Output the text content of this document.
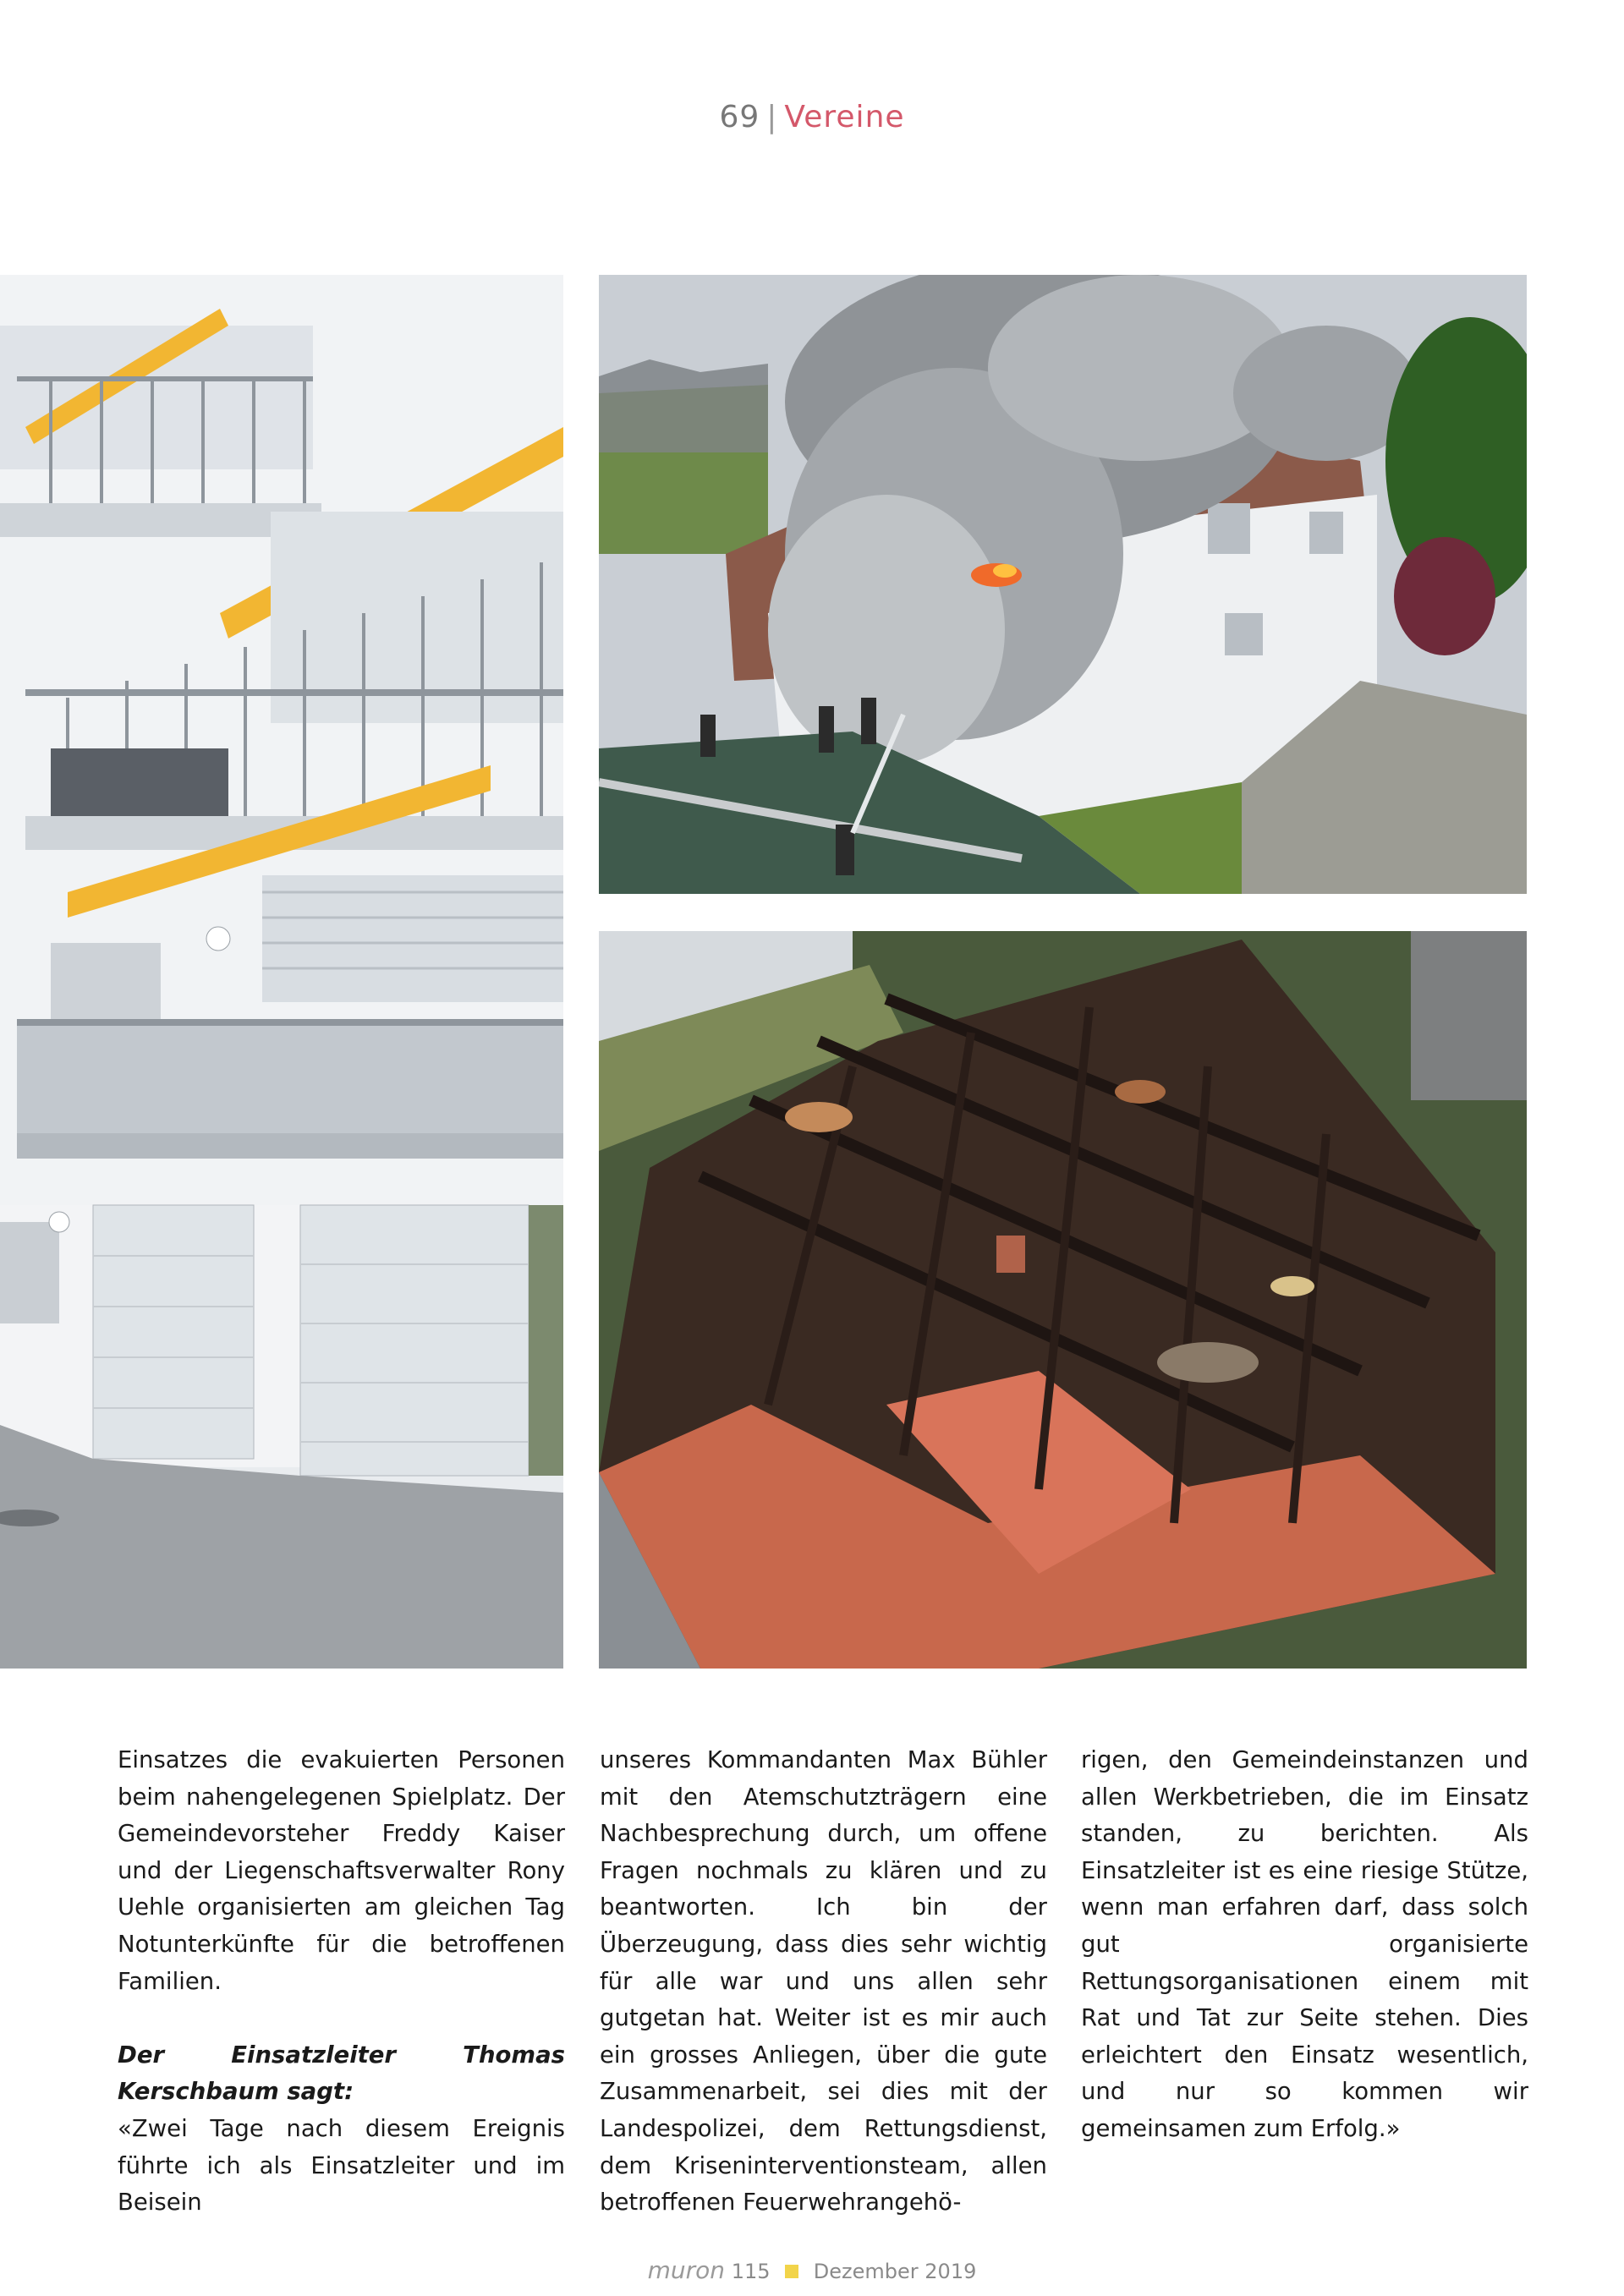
69 | Vereine

Einsatzes die evakuierten Personen beim nahengelegenen Spielplatz. Der Gemeindevorsteher Freddy Kaiser und der Liegenschaftsverwalter Rony Uehle organisierten am gleichen Tag Notunterkünfte für die betroffenen Familien.

Der Einsatzleiter Thomas Kerschbaum sagt:

«Zwei Tage nach diesem Ereignis führte ich als Einsatzleiter und im Beisein

unseres Kommandanten Max Bühler mit den Atemschutzträgern eine Nachbesprechung durch, um offene Fragen nochmals zu klären und zu beantworten. Ich bin der Überzeugung, dass dies sehr wichtig für alle war und uns allen sehr gutgetan hat. Weiter ist es mir auch ein grosses Anliegen, über die gute Zusammenarbeit, sei dies mit der Landespolizei, dem Rettungsdienst, dem Kriseninterventionsteam, allen betroffenen Feuerwehrangehö-

rigen, den Gemeindeinstanzen und allen Werkbetrieben, die im Einsatz standen, zu berichten. Als Einsatzleiter ist es eine riesige Stütze, wenn man erfahren darf, dass solch gut organisierte Rettungsorganisationen einem mit Rat und Tat zur Seite stehen. Dies erleichtert den Einsatz wesentlich, und nur so kommen wir gemeinsamen zum Erfolg.»

muron 115 Dezember 2019
